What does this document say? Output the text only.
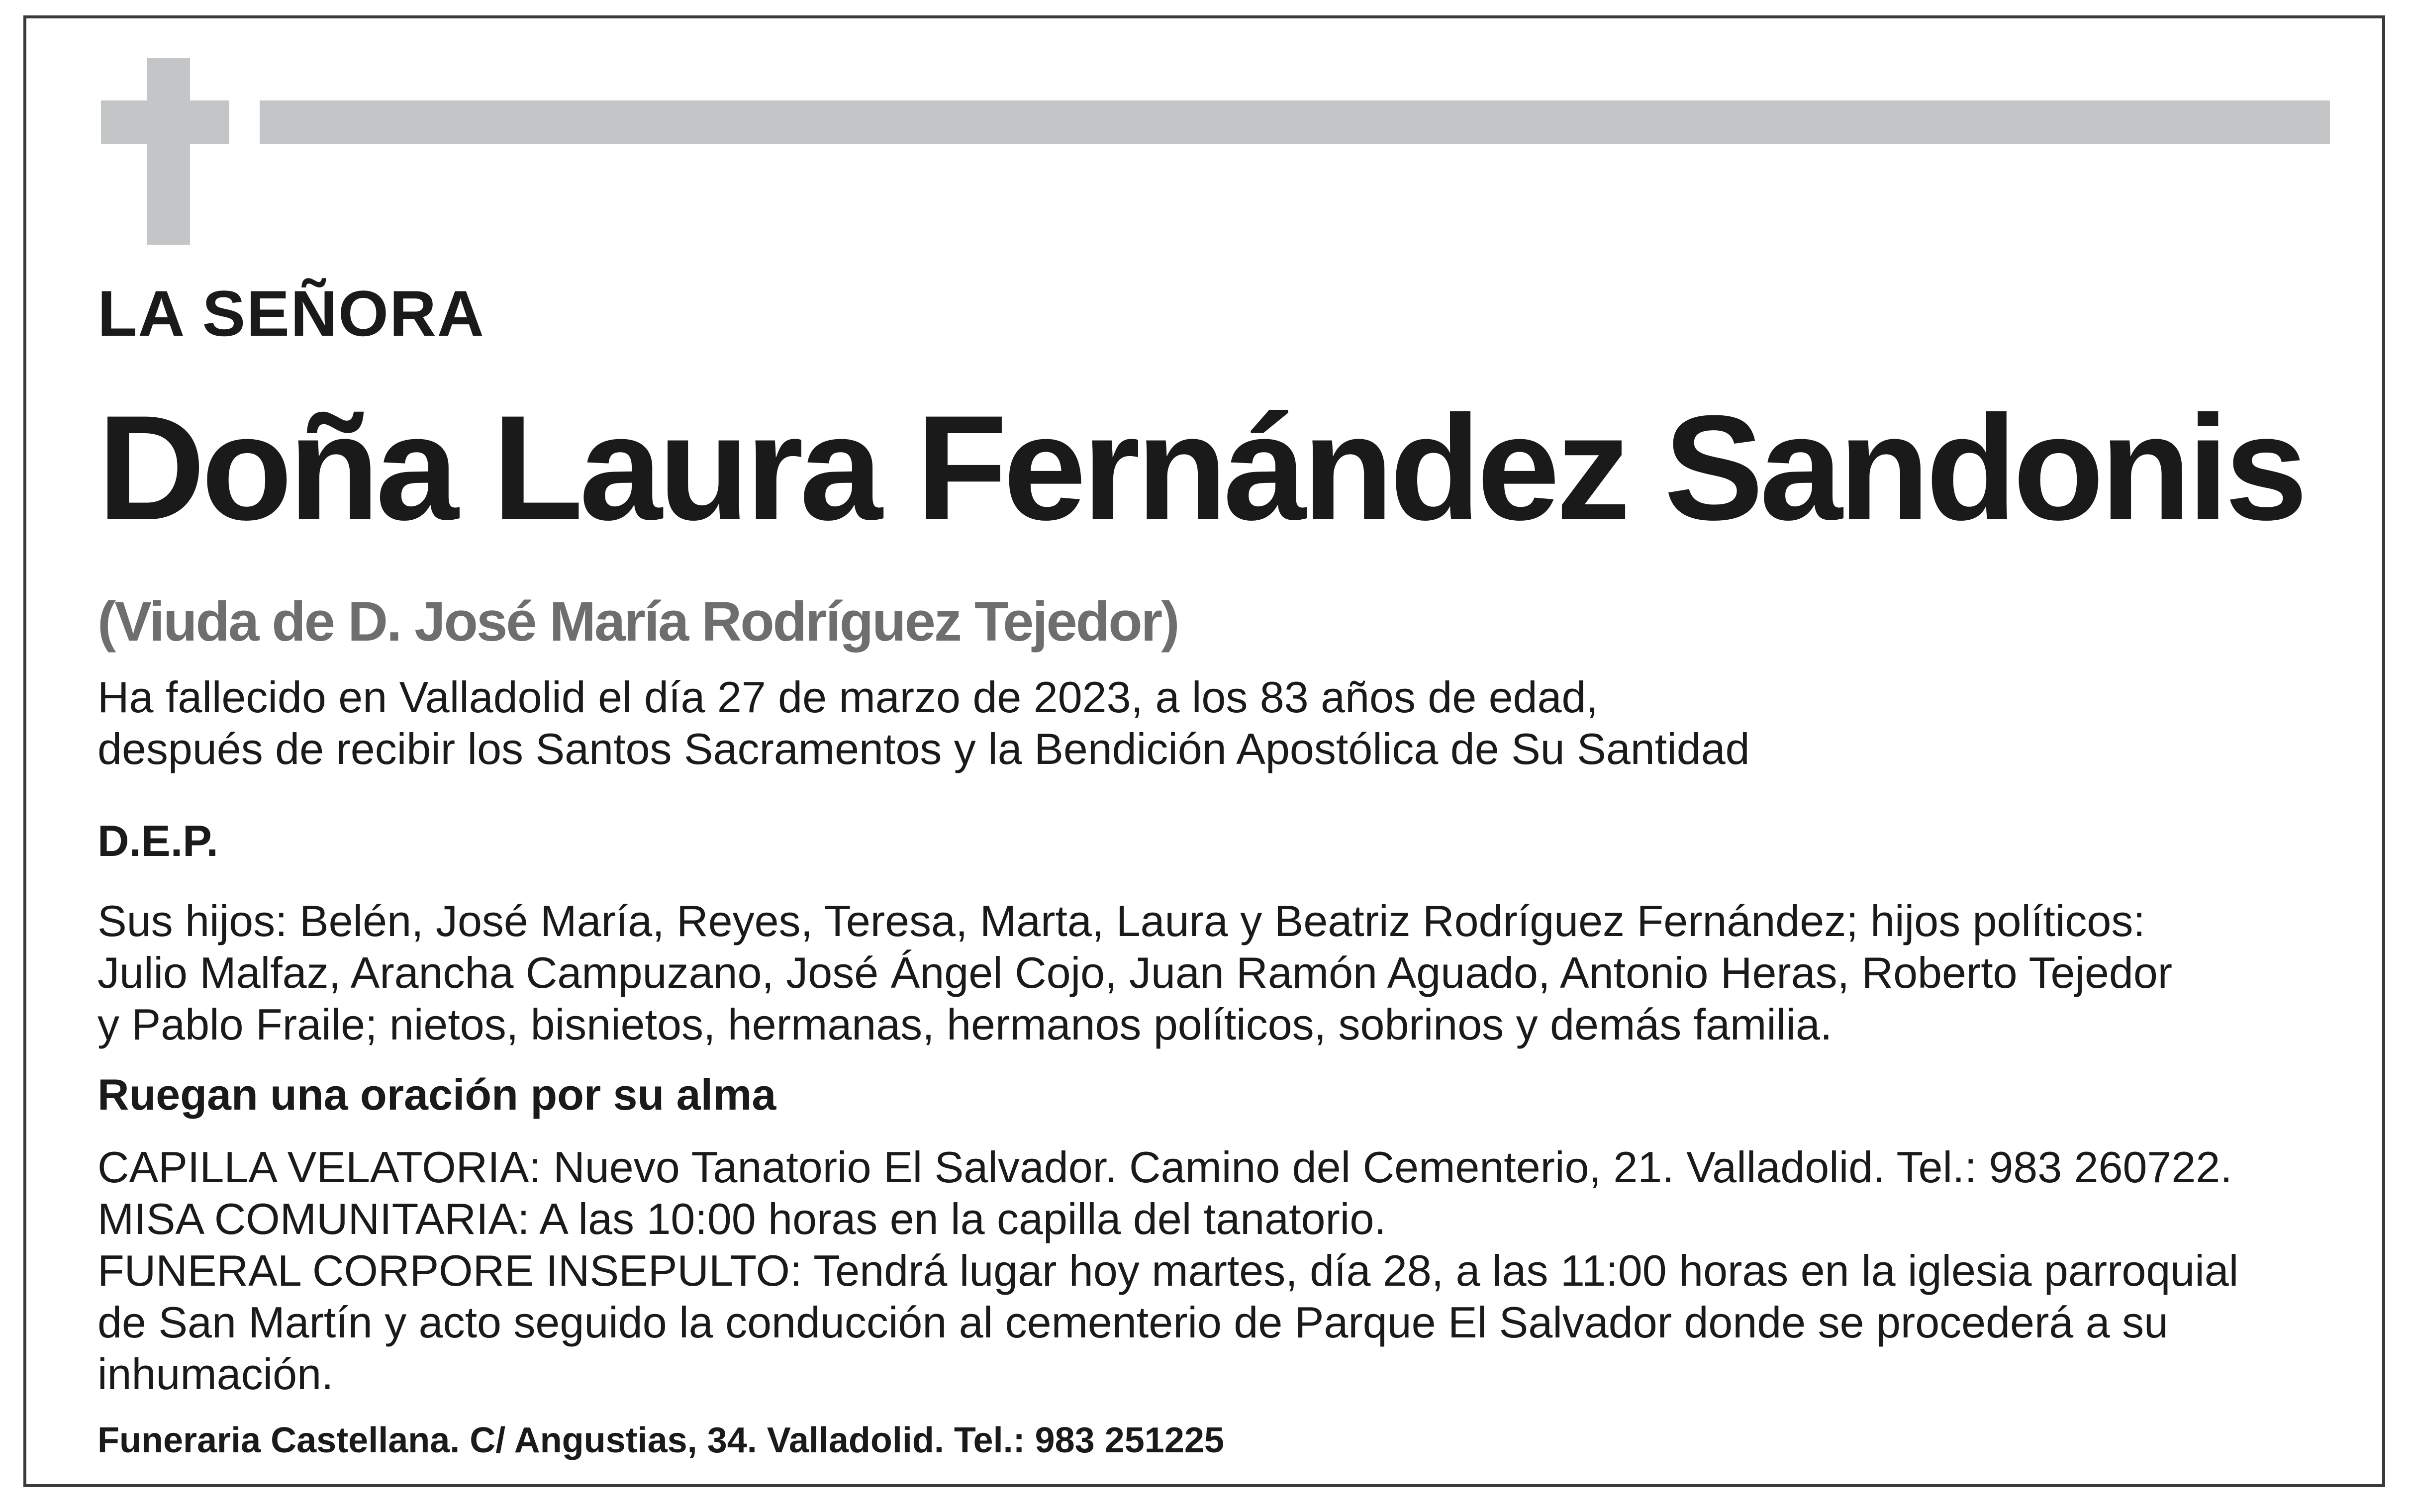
LA SEÑORA
Doña Laura Fernández Sandonis
(Viuda de D. José María Rodríguez Tejedor)
Ha fallecido en Valladolid el día 27 de marzo de 2023, a los 83 años de edad,
después de recibir los Santos Sacramentos y la Bendición Apostólica de Su Santidad
D.E.P.
Sus hijos: Belén, José María, Reyes, Teresa, Marta, Laura y Beatriz Rodríguez Fernández; hijos políticos:
Julio Malfaz, Arancha Campuzano, José Ángel Cojo, Juan Ramón Aguado, Antonio Heras, Roberto Tejedor
y Pablo Fraile; nietos, bisnietos, hermanas, hermanos políticos, sobrinos y demás familia.
Ruegan una oración por su alma
CAPILLA VELATORIA: Nuevo Tanatorio El Salvador. Camino del Cementerio, 21. Valladolid. Tel.: 983 260722.
MISA COMUNITARIA: A las 10:00 horas en la capilla del tanatorio.
FUNERAL CORPORE INSEPULTO: Tendrá lugar hoy martes, día 28, a las 11:00 horas en la iglesia parroquial
de San Martín y acto seguido la conducción al cementerio de Parque El Salvador donde se procederá a su
inhumación.
Funeraria Castellana. C/ Angustias, 34. Valladolid. Tel.: 983 251225
